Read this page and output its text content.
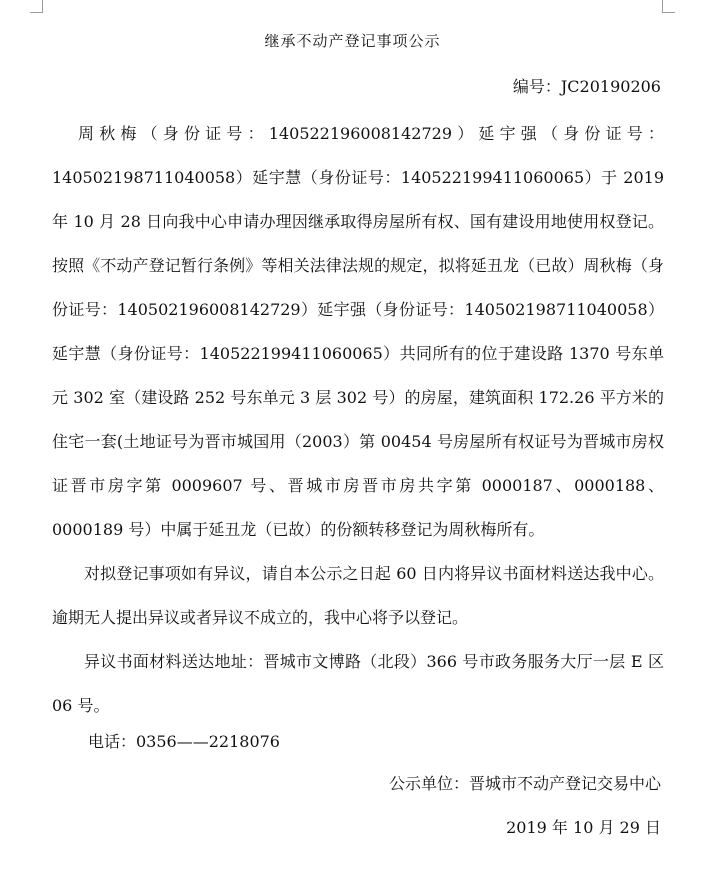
继承不动产登记事项公示
编号：JC20190206

周秋梅（身份证号：140522196008142729）延宇强（身份证号：140502198711040058）延宇慧（身份证号：140522199411060065）于 2019 年 10 月 28 日向我中心申请办理因继承取得房屋所有权、国有建设用地使用权登记。按照《不动产登记暂行条例》等相关法律法规的规定，拟将延丑龙（已故）周秋梅（身份证号：140502196008142729）延宇强（身份证号：140502198711040058）延宇慧（身份证号：140522199411060065）共同所有的位于建设路 1370 号东单元 302 室（建设路 252 号东单元 3 层 302 号）的房屋，建筑面积 172.26 平方米的住宅一套(土地证号为晋市城国用（2003）第 00454 号房屋所有权证号为晋城市房权证晋市房字第 0009607 号、晋城市房晋市房共字第 0000187、0000188、0000189 号）中属于延丑龙（已故）的份额转移登记为周秋梅所有。

对拟登记事项如有异议，请自本公示之日起 60 日内将异议书面材料送达我中心。逾期无人提出异议或者异议不成立的，我中心将予以登记。

异议书面材料送达地址：晋城市文博路（北段）366 号市政务服务大厅一层 E 区 06 号。

电话：0356——2218076
公示单位：晋城市不动产登记交易中心
2019 年 10 月 29 日
